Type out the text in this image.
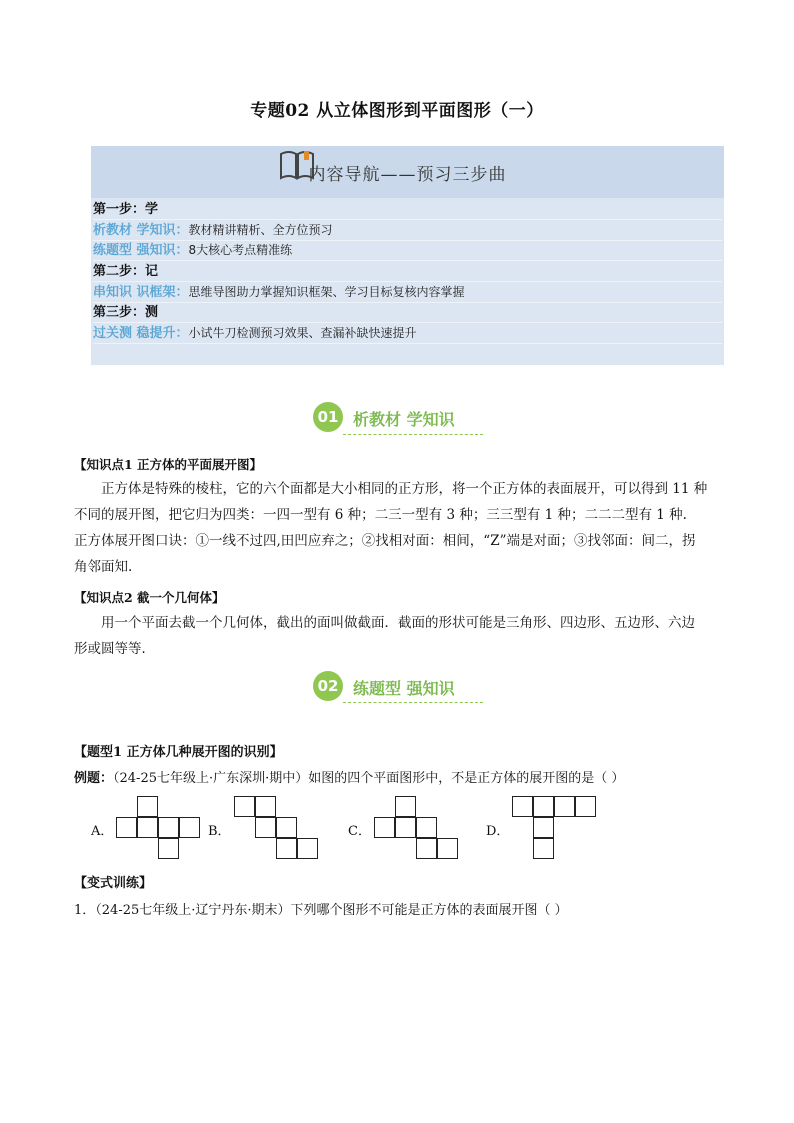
专题02 从立体图形到平面图形（一）
内容导航——预习三步曲
第一步：学
析教材 学知识：教材精讲精析、全方位预习
练题型 强知识：8大核心考点精准练
第二步：记
串知识 识框架：思维导图助力掌握知识框架、学习目标复核内容掌握
第三步：测
过关测 稳提升：小试牛刀检测预习效果、查漏补缺快速提升
01 析教材 学知识
【知识点1 正方体的平面展开图】
正方体是特殊的棱柱，它的六个面都是大小相同的正方形，将一个正方体的表面展开，可以得到 11 种
不同的展开图，把它归为四类：一四一型有 6 种；二三一型有 3 种；三三型有 1 种；二二二型有 1 种.
正方体展开图口诀：①一线不过四,田凹应弃之；②找相对面：相间，“Z”端是对面；③找邻面：间二，拐
角邻面知.
【知识点2 截一个几何体】
用一个平面去截一个几何体，截出的面叫做截面．截面的形状可能是三角形、四边形、五边形、六边
形或圆等等．
02 练题型 强知识
【题型1 正方体几种展开图的识别】
例题：（24-25七年级上·广东深圳·期中）如图的四个平面图形中，不是正方体的展开图的是（ ）
A．	B．	C．	D．
【变式训练】
1．（24-25七年级上·辽宁丹东·期末）下列哪个图形不可能是正方体的表面展开图（ ）
